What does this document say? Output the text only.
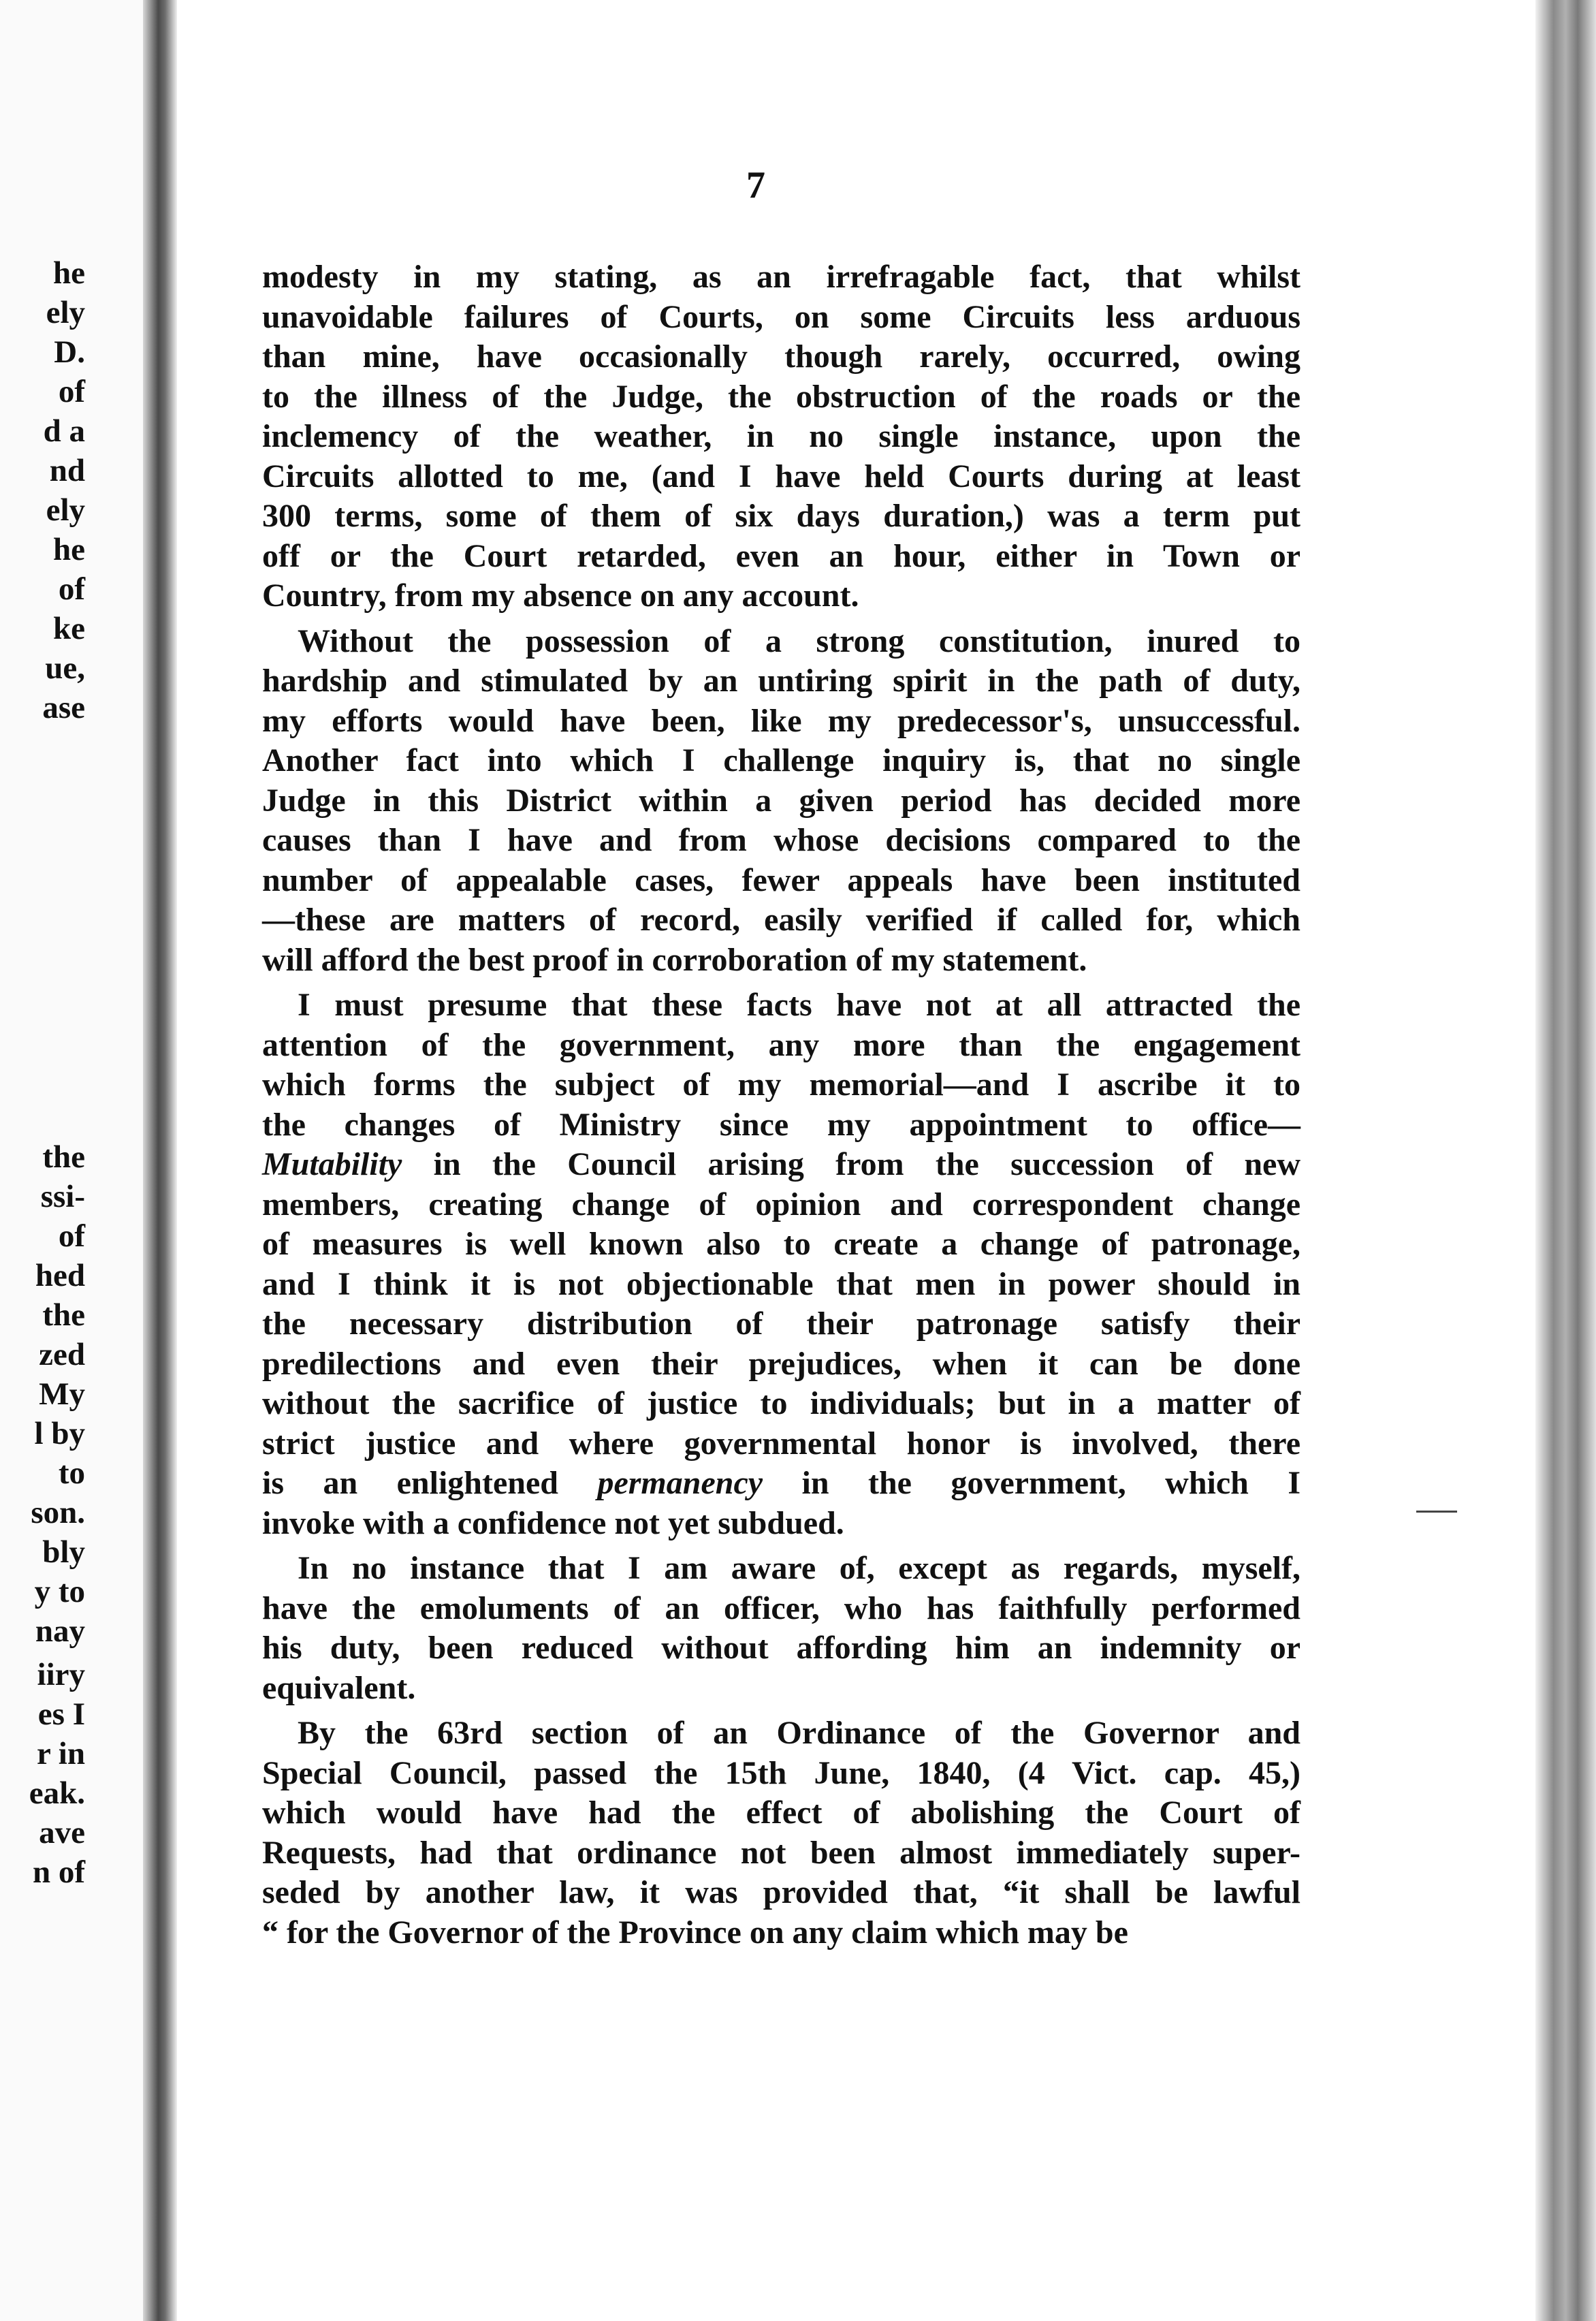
he
ely
D.
of
d a
nd
ely
he
of
ke
ue,
ase
the
ssi-
of
hed
the
zed
My
l by
to
son.
bly
y to
nay
iiry
es I
r in
eak.
ave
n of
7
modesty in my stating, as an irrefragable fact, that whilst
unavoidable failures of Courts, on some Circuits less arduous
than mine, have occasionally though rarely, occurred, owing
to the illness of the Judge, the obstruction of the roads or the
inclemency of the weather, in no single instance, upon the
Circuits allotted to me, (and I have held Courts during at least
300 terms, some of them of six days duration,) was a term put
off or the Court retarded, even an hour, either in Town or
Country, from my absence on any account.
Without the possession of a strong constitution, inured to
hardship and stimulated by an untiring spirit in the path of duty,
my efforts would have been, like my predecessor's, unsuccessful.
Another fact into which I challenge inquiry is, that no single
Judge in this District within a given period has decided more
causes than I have and from whose decisions compared to the
number of appealable cases, fewer appeals have been instituted
—these are matters of record, easily verified if called for, which
will afford the best proof in corroboration of my statement.
I must presume that these facts have not at all attracted the
attention of the government, any more than the engagement
which forms the subject of my memorial—and I ascribe it to
the changes of Ministry since my appointment to office—
Mutability in the Council arising from the succession of new
members, creating change of opinion and correspondent change
of measures is well known also to create a change of patronage,
and I think it is not objectionable that men in power should in
the necessary distribution of their patronage satisfy their
predilections and even their prejudices, when it can be done
without the sacrifice of justice to individuals; but in a matter of
strict justice and where governmental honor is involved, there
is an enlightened permanency in the government, which I
invoke with a confidence not yet subdued.
In no instance that I am aware of, except as regards, myself,
have the emoluments of an officer, who has faithfully performed
his duty, been reduced without affording him an indemnity or
equivalent.
By the 63rd section of an Ordinance of the Governor and
Special Council, passed the 15th June, 1840, (4 Vict. cap. 45,)
which would have had the effect of abolishing the Court of
Requests, had that ordinance not been almost immediately super-
seded by another law, it was provided that, “it shall be lawful
“ for the Governor of the Province on any claim which may be
